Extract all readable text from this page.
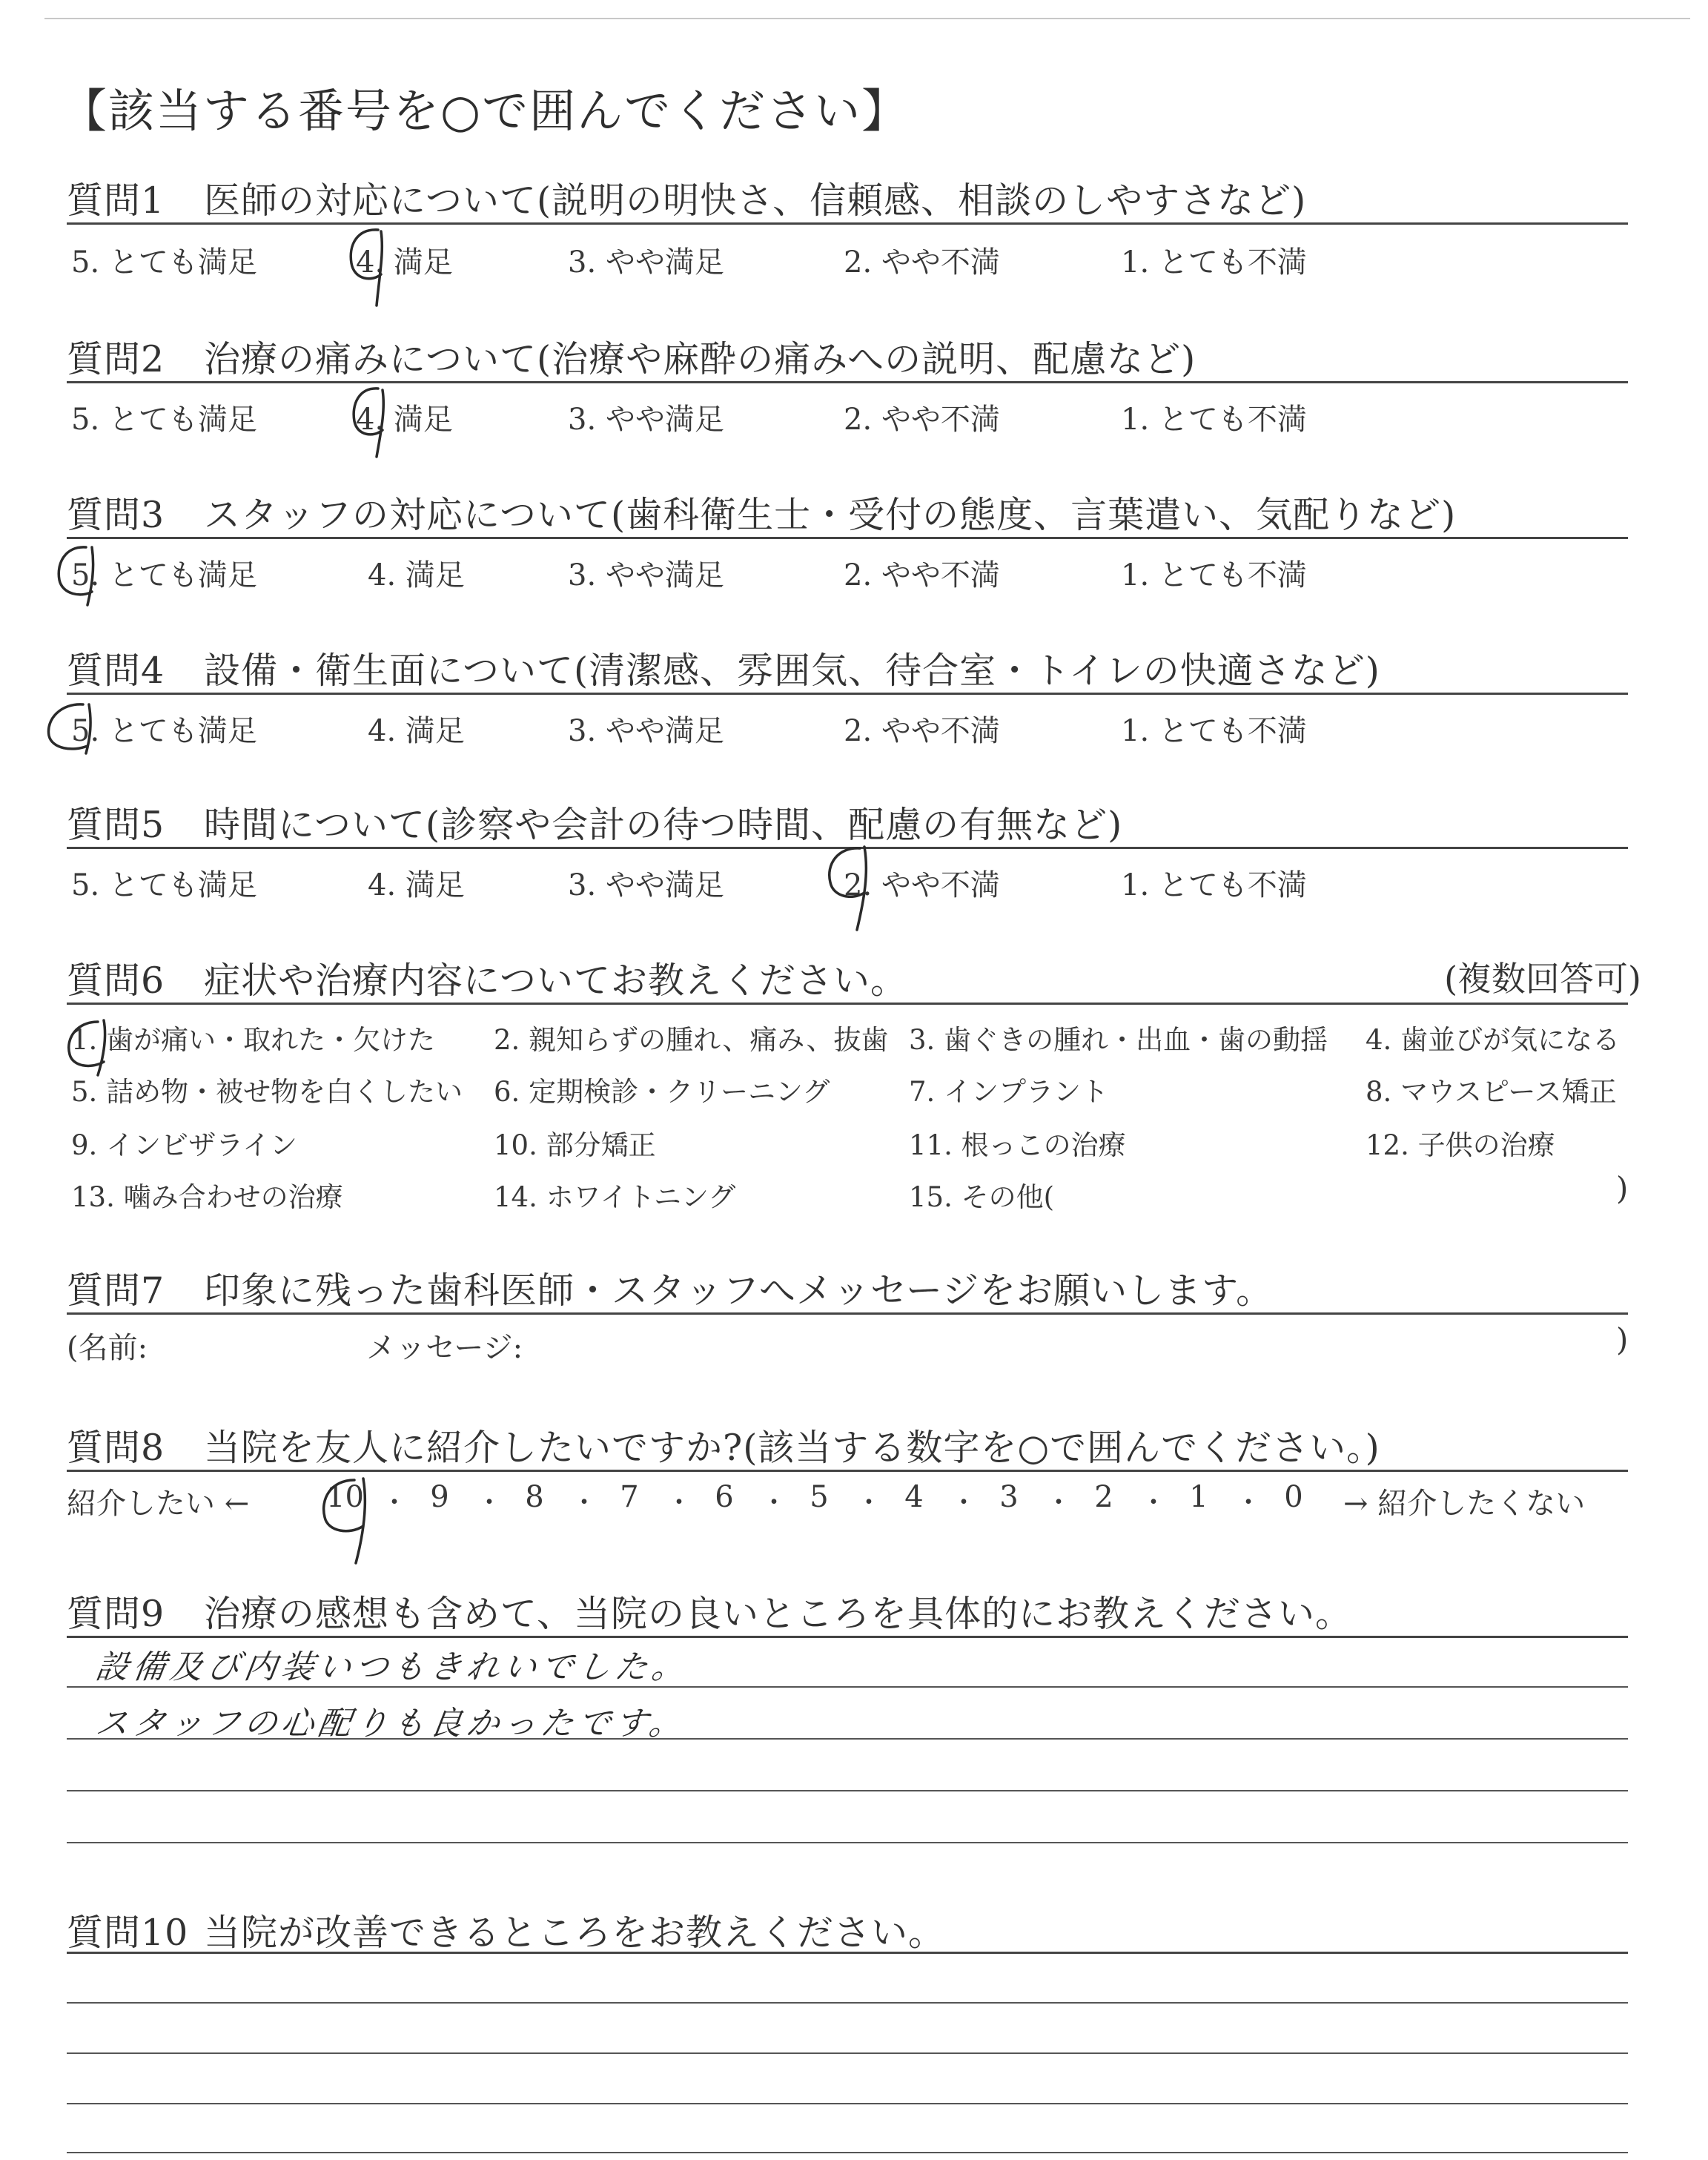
【該当する番号を○で囲んでください】
質問1 医師の対応について(説明の明快さ、信頼感、相談のしやすさなど)
5. とても満足	4. 満足	3. やや満足	2. やや不満	1. とても不満
質問2 治療の痛みについて(治療や麻酔の痛みへの説明、配慮など)
5. とても満足	4. 満足	3. やや満足	2. やや不満	1. とても不満
質問3 スタッフの対応について(歯科衛生士・受付の態度、言葉遣い、気配りなど)
5. とても満足	4. 満足	3. やや満足	2. やや不満	1. とても不満
質問4 設備・衛生面について(清潔感、雰囲気、待合室・トイレの快適さなど)
5. とても満足	4. 満足	3. やや満足	2. やや不満	1. とても不満
質問5 時間について(診察や会計の待つ時間、配慮の有無など)
5. とても満足	4. 満足	3. やや満足	2. やや不満	1. とても不満
質問6 症状や治療内容についてお教えください。	(複数回答可)
1. 歯が痛い・取れた・欠けた 2. 親知らずの腫れ、痛み、抜歯 3. 歯ぐきの腫れ・出血・歯の動揺 4. 歯並びが気になる
5. 詰め物・被せ物を白くしたい 6. 定期検診・クリーニング	7. インプラント	8. マウスピース矯正
9. インビザライン	10. 部分矯正	11. 根っこの治療	12. 子供の治療
13. 噛み合わせの治療	14. ホワイトニング	15. その他(	)
質問7 印象に残った歯科医師・スタッフへメッセージをお願いします。
(名前:	メッセージ:	)
質問8 当院を友人に紹介したいですか?(該当する数字を○で囲んでください。)
紹介したい ←	→ 紹介したくない
10 ・ 9	・ 8	・ 7	・ 6	・ 5	・ 4	・ 3	・ 2	・ 1	・ 0
質問9 治療の感想も含めて、当院の良いところを具体的にお教えください。
設備及び内装いつもきれいでした。
スタッフの心配りも良かったです。
質問10 当院が改善できるところをお教えください。
